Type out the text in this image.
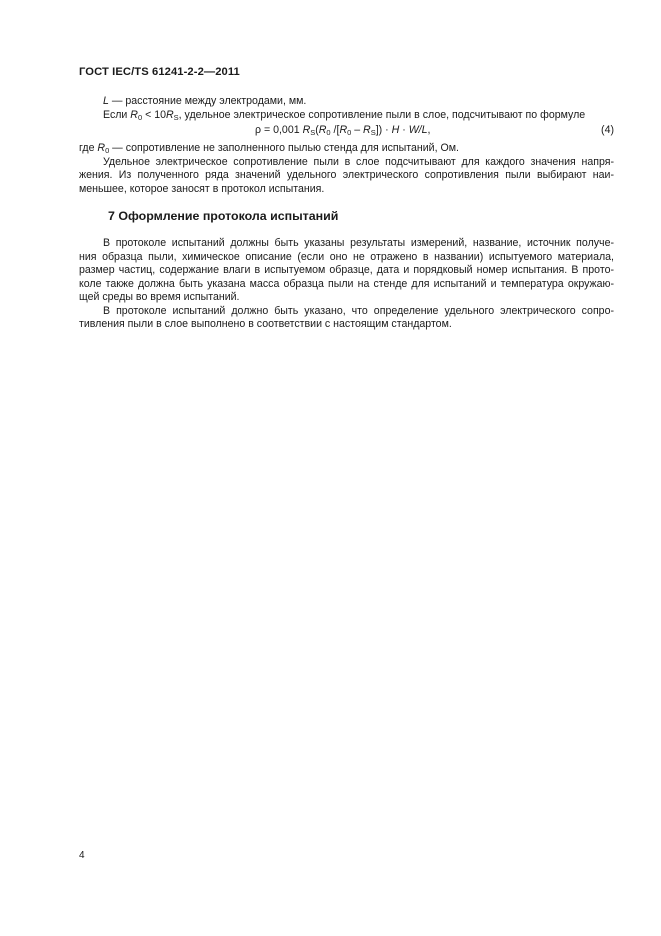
ГОСТ IEC/TS 61241-2-2—2011
L — расстояние между электродами, мм.
Если $R_0 < 10R_S$, удельное электрическое сопротивление пыли в слое, подсчитывают по формуле
ρ = 0,001 $R_S(R_0$ $/[R_0 - R_S]) \cdot H \cdot W/L$,	(4)
где $R_0$ — сопротивление не заполненного пылью стенда для испытаний, Ом.
Удельное электрическое сопротивление пыли в слое подсчитывают для каждого значения напря-
жения. Из полученного ряда значений удельного электрического сопротивления пыли выбирают наи-
меньшее, которое заносят в протокол испытания.
7 Оформление протокола испытаний
В протоколе испытаний должны быть указаны результаты измерений, название, источник получе-
ния образца пыли, химическое описание (если оно не отражено в названии) испытуемого материала,
размер частиц, содержание влаги в испытуемом образце, дата и порядковый номер испытания. В прото-
коле также должна быть указана масса образца пыли на стенде для испытаний и температура окружаю-
щей среды во время испытаний.
В протоколе испытаний должно быть указано, что определение удельного электрического сопро-
тивления пыли в слое выполнено в соответствии с настоящим стандартом.
4
